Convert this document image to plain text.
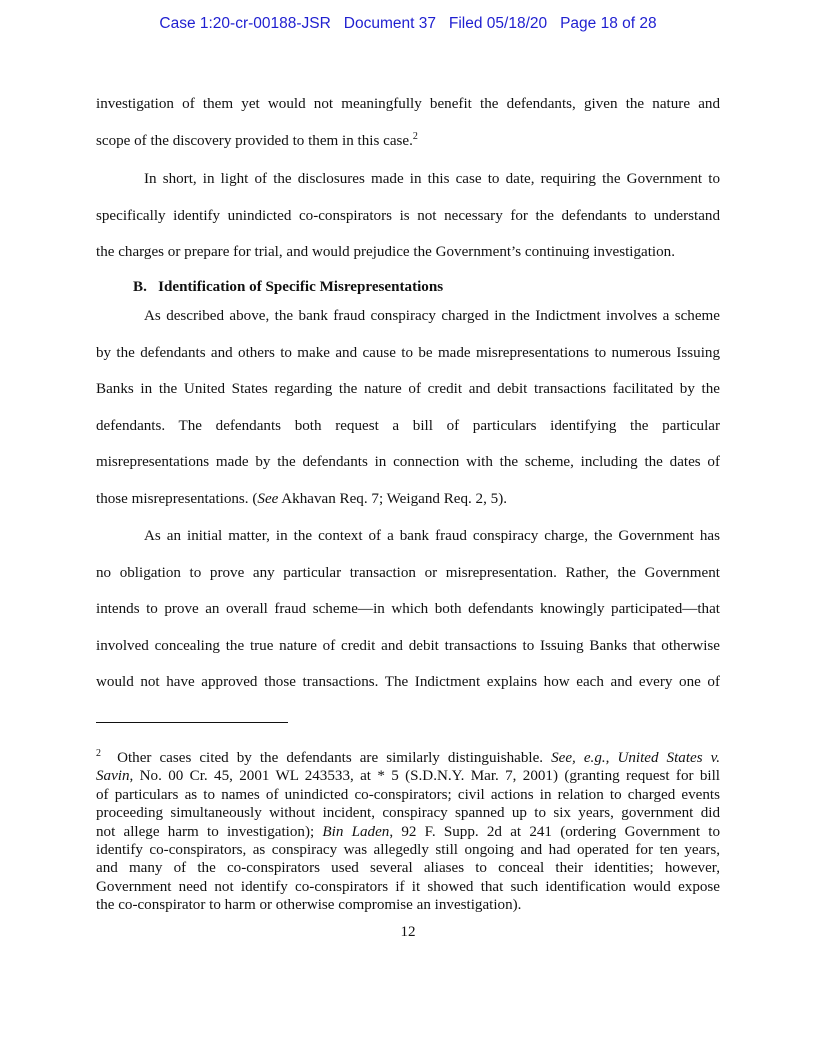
Case 1:20-cr-00188-JSR Document 37 Filed 05/18/20 Page 18 of 28
investigation of them yet would not meaningfully benefit the defendants, given the nature and
scope of the discovery provided to them in this case.$^2$
In short, in light of the disclosures made in this case to date, requiring the Government to
specifically identify unindicted co-conspirators is not necessary for the defendants to understand
the charges or prepare for trial, and would prejudice the Government’s continuing investigation.
B.   Identification of Specific Misrepresentations
As described above, the bank fraud conspiracy charged in the Indictment involves a scheme
by the defendants and others to make and cause to be made misrepresentations to numerous Issuing
Banks in the United States regarding the nature of credit and debit transactions facilitated by the
defendants. The defendants both request a bill of particulars identifying the particular
misrepresentations made by the defendants in connection with the scheme, including the dates of
those misrepresentations. (See Akhavan Req. 7; Weigand Req. 2, 5).
As an initial matter, in the context of a bank fraud conspiracy charge, the Government has
no obligation to prove any particular transaction or misrepresentation. Rather, the Government
intends to prove an overall fraud scheme—in which both defendants knowingly participated—that
involved concealing the true nature of credit and debit transactions to Issuing Banks that otherwise
would not have approved those transactions. The Indictment explains how each and every one of
$^2$ Other cases cited by the defendants are similarly distinguishable. See, e.g., United States v.
Savin, No. 00 Cr. 45, 2001 WL 243533, at * 5 (S.D.N.Y. Mar. 7, 2001) (granting request for bill
of particulars as to names of unindicted co-conspirators; civil actions in relation to charged events
proceeding simultaneously without incident, conspiracy spanned up to six years, government did
not allege harm to investigation); Bin Laden, 92 F. Supp. 2d at 241 (ordering Government to
identify co-conspirators, as conspiracy was allegedly still ongoing and had operated for ten years,
and many of the co-conspirators used several aliases to conceal their identities; however,
Government need not identify co-conspirators if it showed that such identification would expose
the co-conspirator to harm or otherwise compromise an investigation).
12
